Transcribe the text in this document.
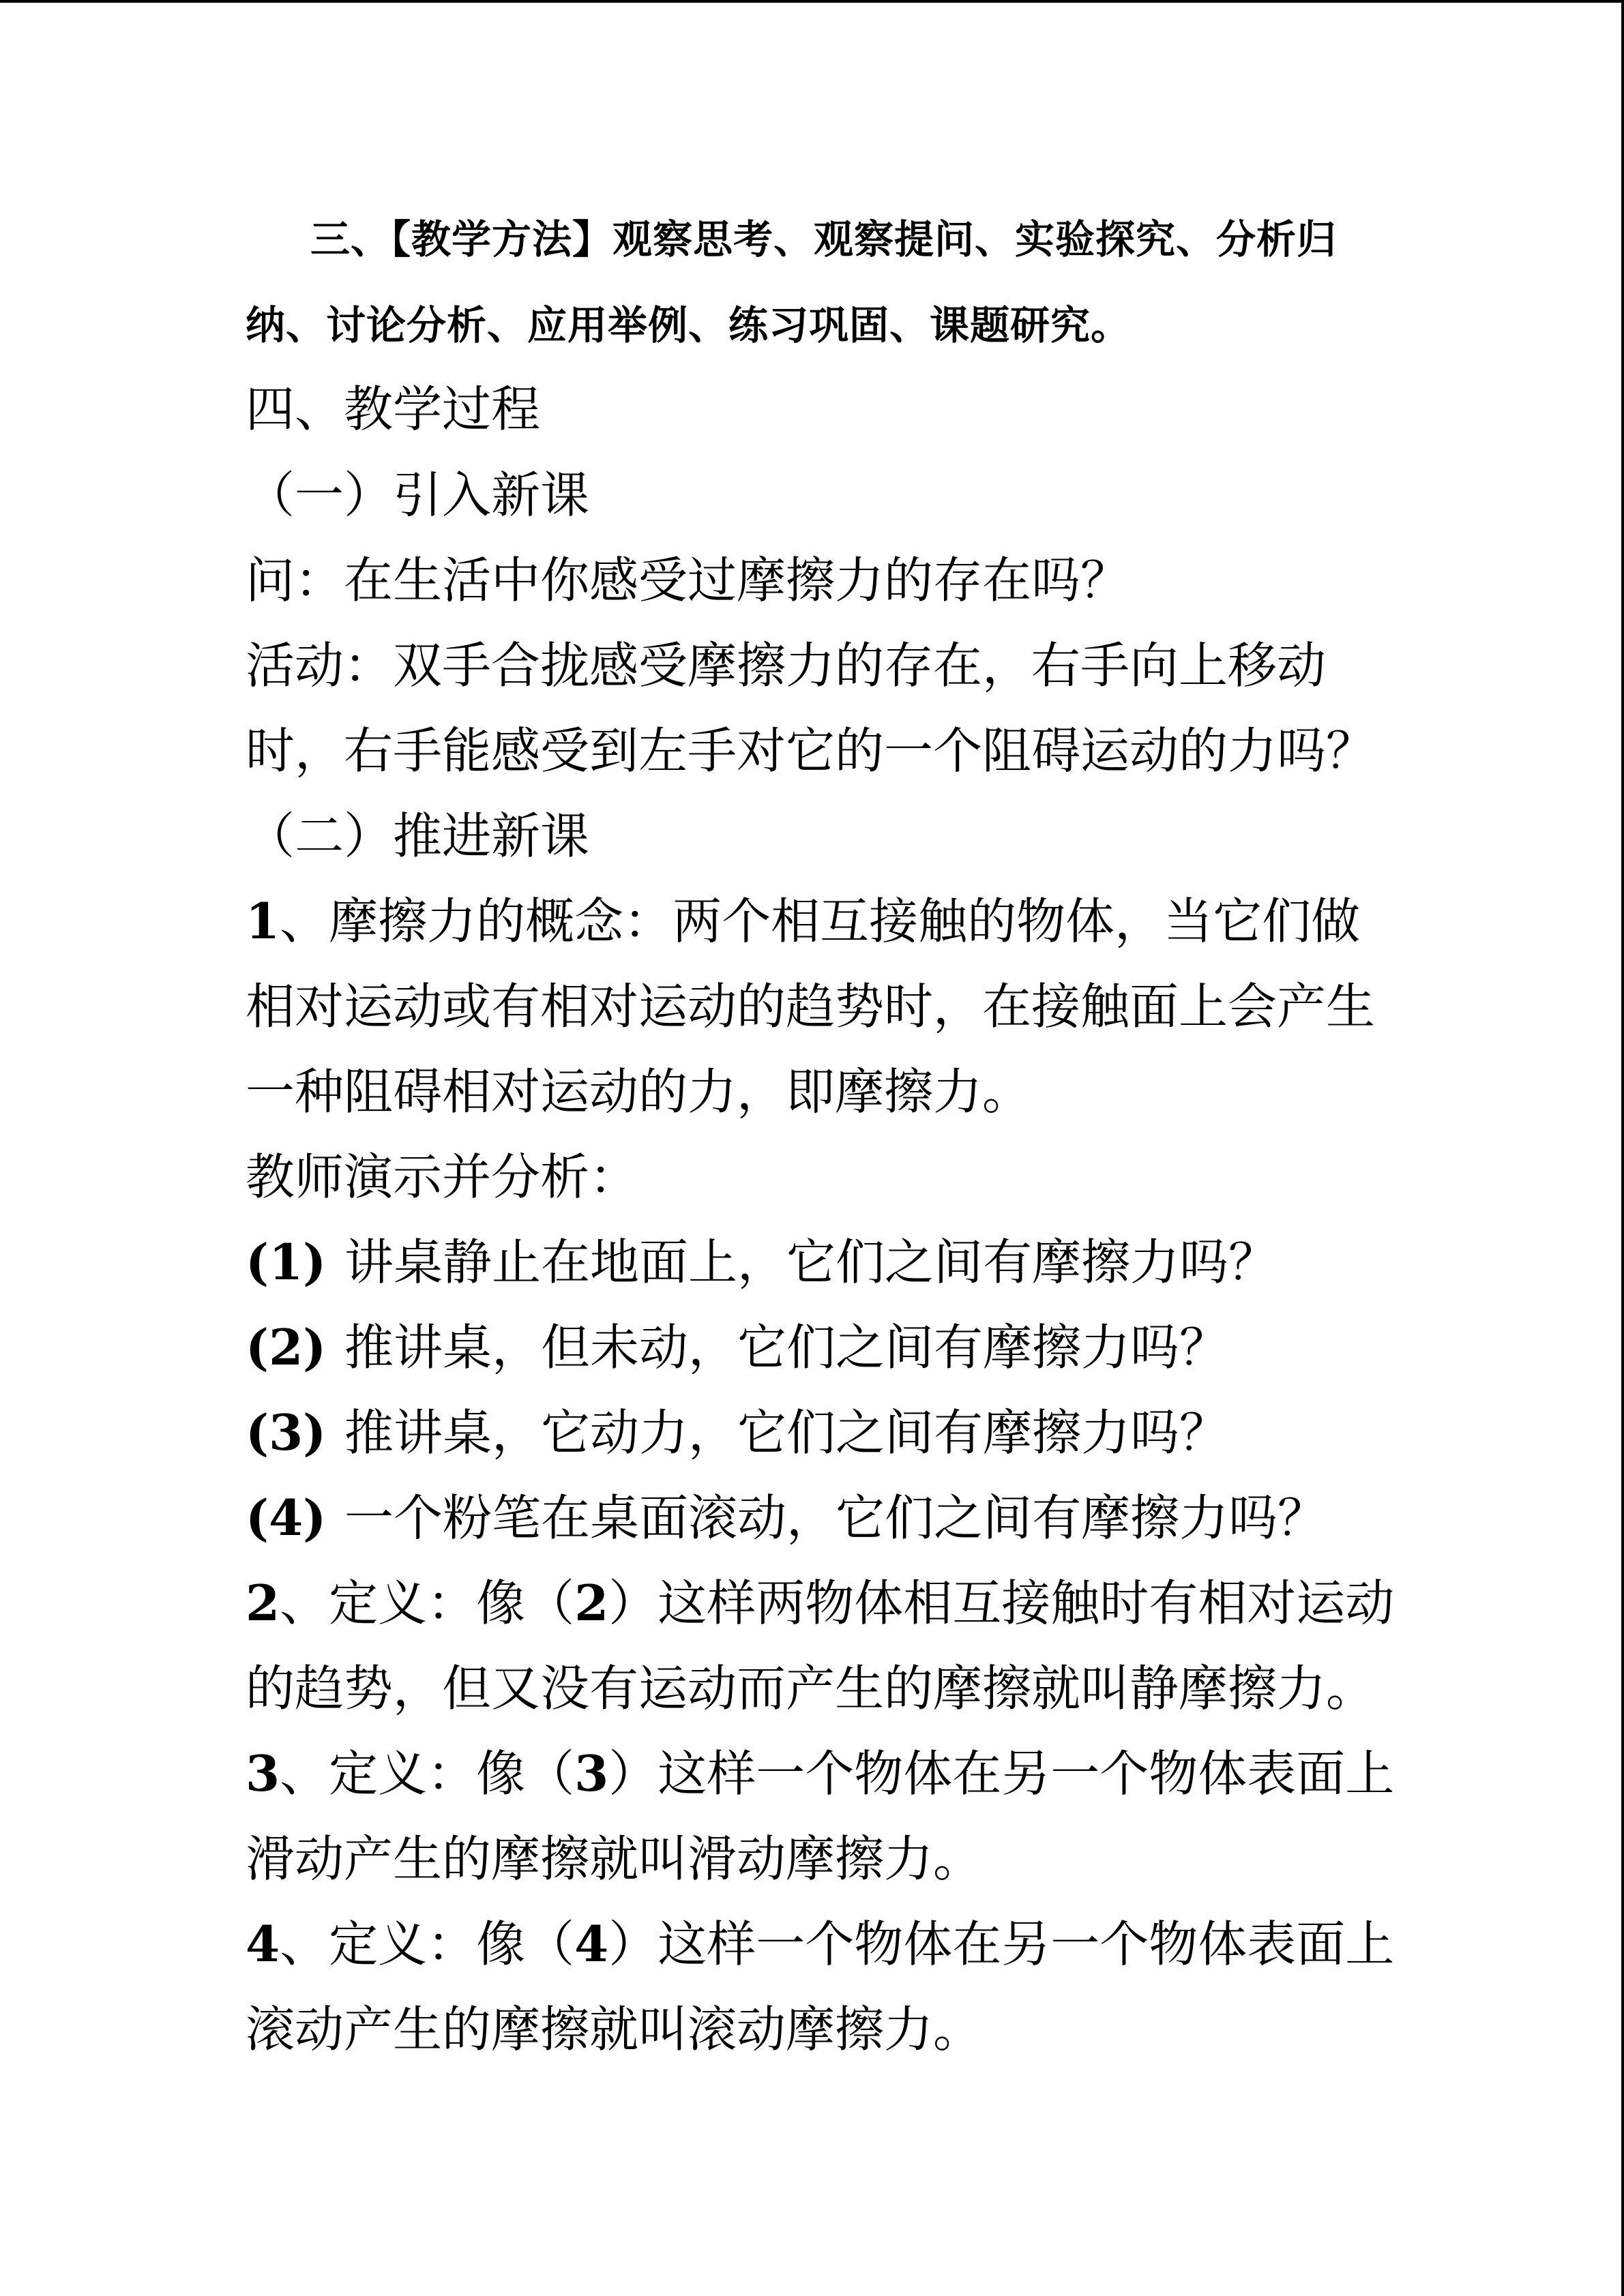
三、【教学方法】观察思考、观察提问、实验探究、分析归
纳、讨论分析、应用举例、练习巩固、课题研究。
四、教学过程
（一）引入新课
问：在生活中你感受过摩擦力的存在吗？
活动：双手合拢感受摩擦力的存在，右手向上移动
时，右手能感受到左手对它的一个阻碍运动的力吗？
（二）推进新课
1、摩擦力的概念：两个相互接触的物体，当它们做
相对运动或有相对运动的趋势时，在接触面上会产生
一种阻碍相对运动的力，即摩擦力。
教师演示并分析：
(1) 讲桌静止在地面上，它们之间有摩擦力吗？
(2) 推讲桌，但未动，它们之间有摩擦力吗？
(3) 推讲桌，它动力，它们之间有摩擦力吗？
(4) 一个粉笔在桌面滚动，它们之间有摩擦力吗？
2、定义：像（2）这样两物体相互接触时有相对运动
的趋势，但又没有运动而产生的摩擦就叫静摩擦力。
3、定义：像（3）这样一个物体在另一个物体表面上
滑动产生的摩擦就叫滑动摩擦力。
4、定义：像（4）这样一个物体在另一个物体表面上
滚动产生的摩擦就叫滚动摩擦力。
